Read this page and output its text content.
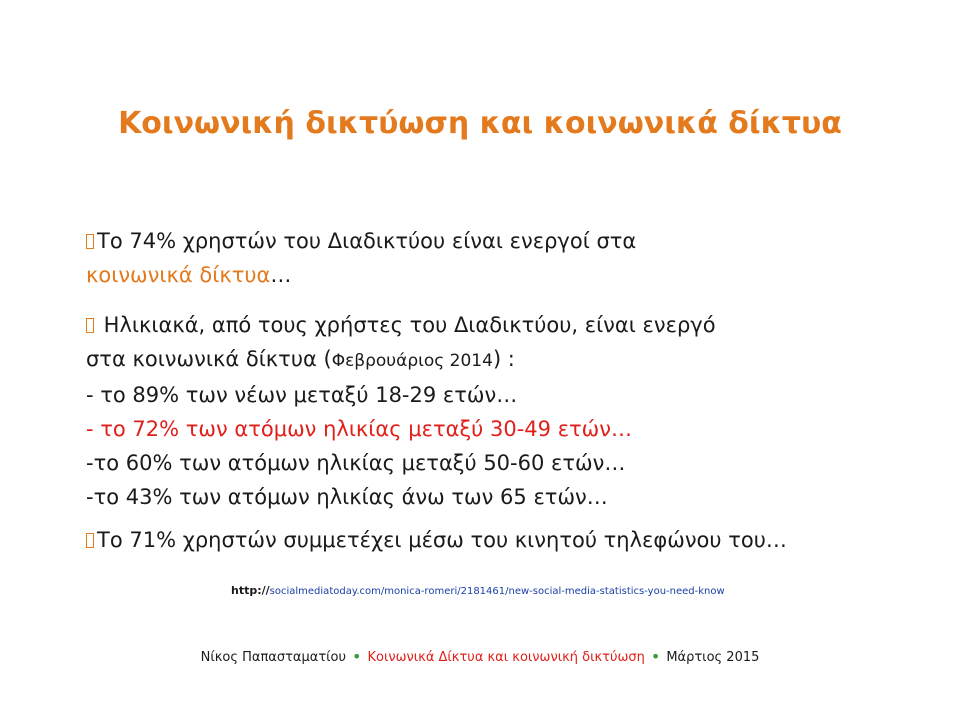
Κοινωνική δικτύωση και κοινωνικά δίκτυα
Το 74% χρηστών του Διαδικτύου είναι ενεργοί στα
κοινωνικά δίκτυα…
Ηλικιακά, από τους χρήστες του Διαδικτύου, είναι ενεργό
στα κοινωνικά δίκτυα (Φεβρουάριος 2014) :
- το 89% των νέων μεταξύ 18-29 ετών…
- το 72% των ατόμων ηλικίας μεταξύ 30-49 ετών…
-το 60% των ατόμων ηλικίας μεταξύ 50-60 ετών…
-το 43% των ατόμων ηλικίας άνω των 65 ετών…
Το 71% χρηστών συμμετέχει μέσω του κινητού τηλεφώνου του…
http://socialmediatoday.com/monica-romeri/2181461/new-social-media-statistics-you-need-know
Νίκος Παπασταματίου • Κοινωνικά Δίκτυα και κοινωνική δικτύωση • Μάρτιος 2015
